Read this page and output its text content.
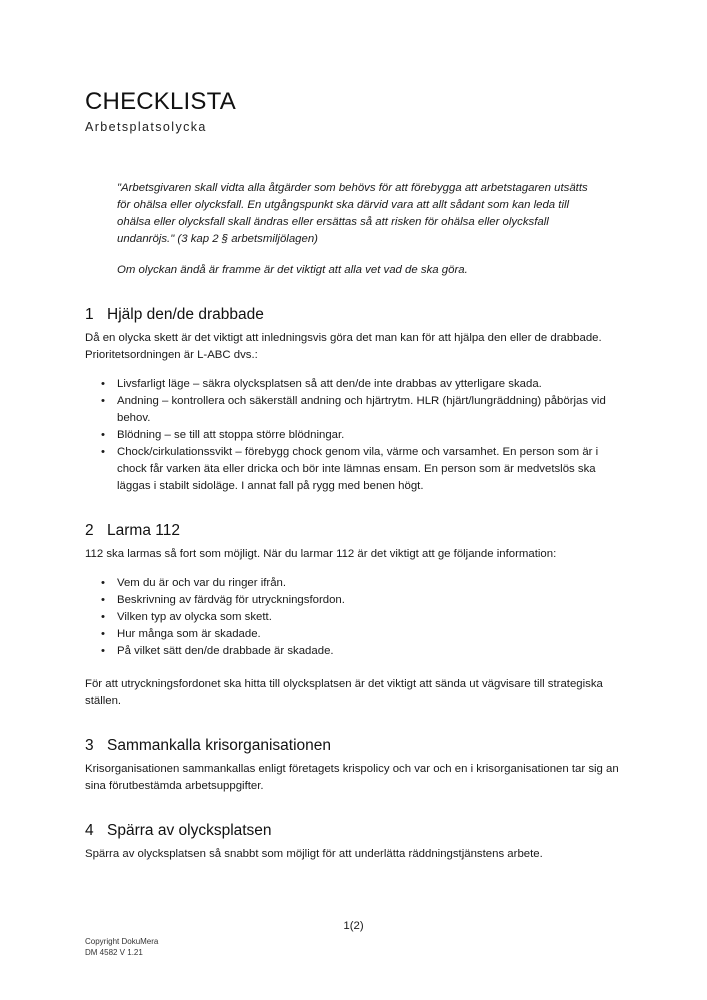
CHECKLISTA
Arbetsplatsolycka

"Arbetsgivaren skall vidta alla åtgärder som behövs för att förebygga att arbetstagaren utsätts för ohälsa eller olycksfall. En utgångspunkt ska därvid vara att allt sådant som kan leda till ohälsa eller olycksfall skall ändras eller ersättas så att risken för ohälsa eller olycksfall undanröjs." (3 kap 2 § arbetsmiljölagen)

Om olyckan ändå är framme är det viktigt att alla vet vad de ska göra.

1 Hjälp den/de drabbade

Då en olycka skett är det viktigt att inledningsvis göra det man kan för att hjälpa den eller de drabbade. Prioritetsordningen är L-ABC dvs.:

• Livsfarligt läge – säkra olycksplatsen så att den/de inte drabbas av ytterligare skada.
• Andning – kontrollera och säkerställ andning och hjärtrytm. HLR (hjärt/lungräddning) påbörjas vid behov.
• Blödning – se till att stoppa större blödningar.
• Chock/cirkulationssvikt – förebygg chock genom vila, värme och varsamhet. En person som är i chock får varken äta eller dricka och bör inte lämnas ensam. En person som är medvetslös ska läggas i stabilt sidoläge. I annat fall på rygg med benen högt.
2 Larma 112

112 ska larmas så fort som möjligt. När du larmar 112 är det viktigt att ge följande information:

• Vem du är och var du ringer ifrån.
• Beskrivning av färdväg för utryckningsfordon.
• Vilken typ av olycka som skett.
• Hur många som är skadade.
• På vilket sätt den/de drabbade är skadade.

För att utryckningsfordonet ska hitta till olycksplatsen är det viktigt att sända ut vägvisare till strategiska ställen.

3 Sammankalla krisorganisationen

Krisorganisationen sammankallas enligt företagets krispolicy och var och en i krisorganisationen tar sig an sina förutbestämda arbetsuppgifter.

4 Spärra av olycksplatsen

Spärra av olycksplatsen så snabbt som möjligt för att underlätta räddningstjänstens arbete.

1(2)
Copyright DokuMera
DM 4582 V 1.21
